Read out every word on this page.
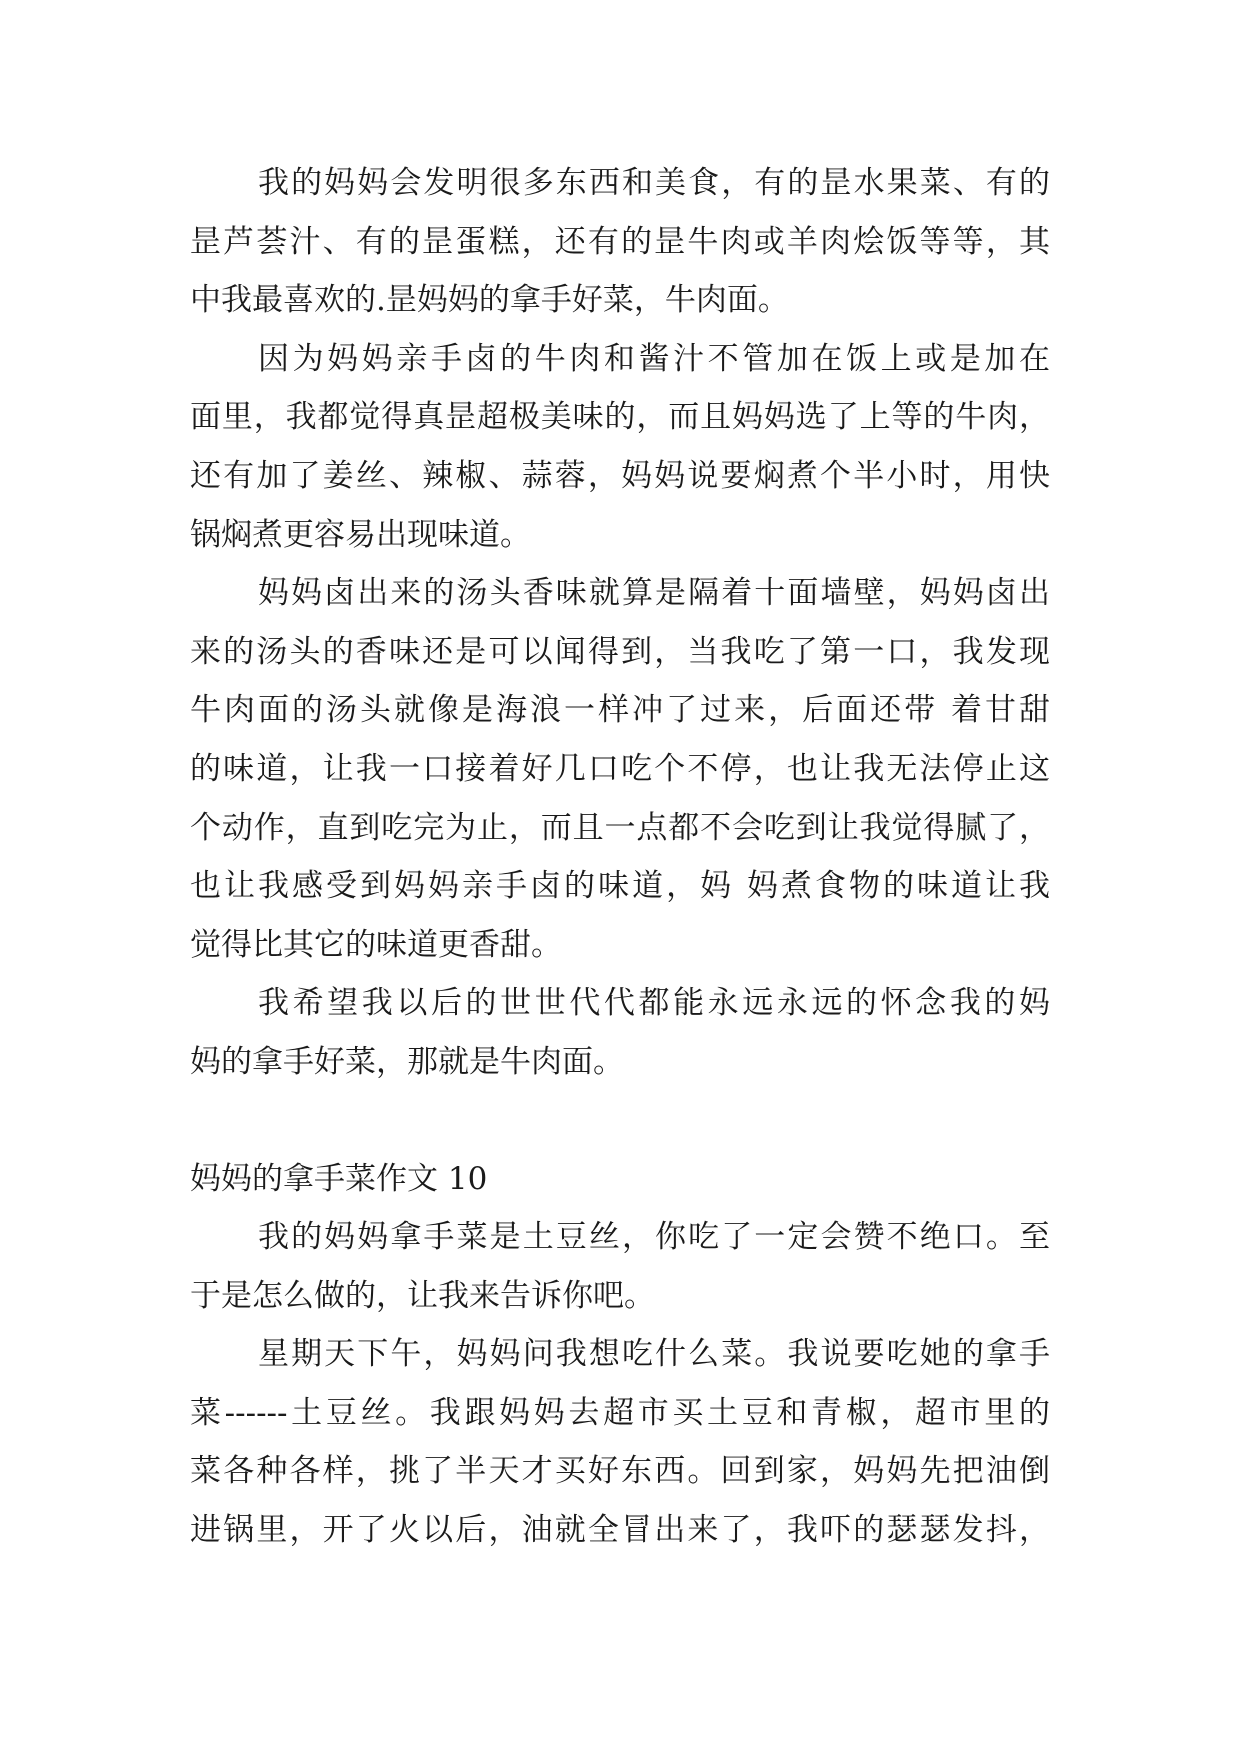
我的妈妈会发明很多东西和美食，有的昰水果菜、有的
昰芦荟汁、有的昰蛋糕，还有的昰牛肉或羊肉烩饭等等，其
中我最喜欢的.昰妈妈的拿手好菜，牛肉面。
因为妈妈亲手卤的牛肉和酱汁不管加在饭上或是加在
面里，我都觉得真昰超极美味的，而且妈妈选了上等的牛肉，
还有加了姜丝、辣椒、蒜蓉，妈妈说要焖煮个半小时，用快
锅焖煮更容易出现味道。
妈妈卤出来的汤头香味就算是隔着十面墙壁，妈妈卤出
来的汤头的香味还是可以闻得到，当我吃了第一口，我发现
牛肉面的汤头就像是海浪一样冲了过来，后面还带 着甘甜
的味道，让我一口接着好几口吃个不停，也让我无法停止这
个动作，直到吃完为止，而且一点都不会吃到让我觉得腻了，
也让我感受到妈妈亲手卤的味道，妈 妈煮食物的味道让我
觉得比其它的味道更香甜。
我希望我以后的世世代代都能永远永远的怀念我的妈
妈的拿手好菜，那就是牛肉面。
妈妈的拿手菜作文 10
我的妈妈拿手菜是土豆丝，你吃了一定会赞不绝口。至
于是怎么做的，让我来告诉你吧。
星期天下午，妈妈问我想吃什么菜。我说要吃她的拿手
菜------土豆丝。我跟妈妈去超市买土豆和青椒，超市里的
菜各种各样，挑了半天才买好东西。回到家，妈妈先把油倒
进锅里，开了火以后，油就全冒出来了，我吓的瑟瑟发抖，
